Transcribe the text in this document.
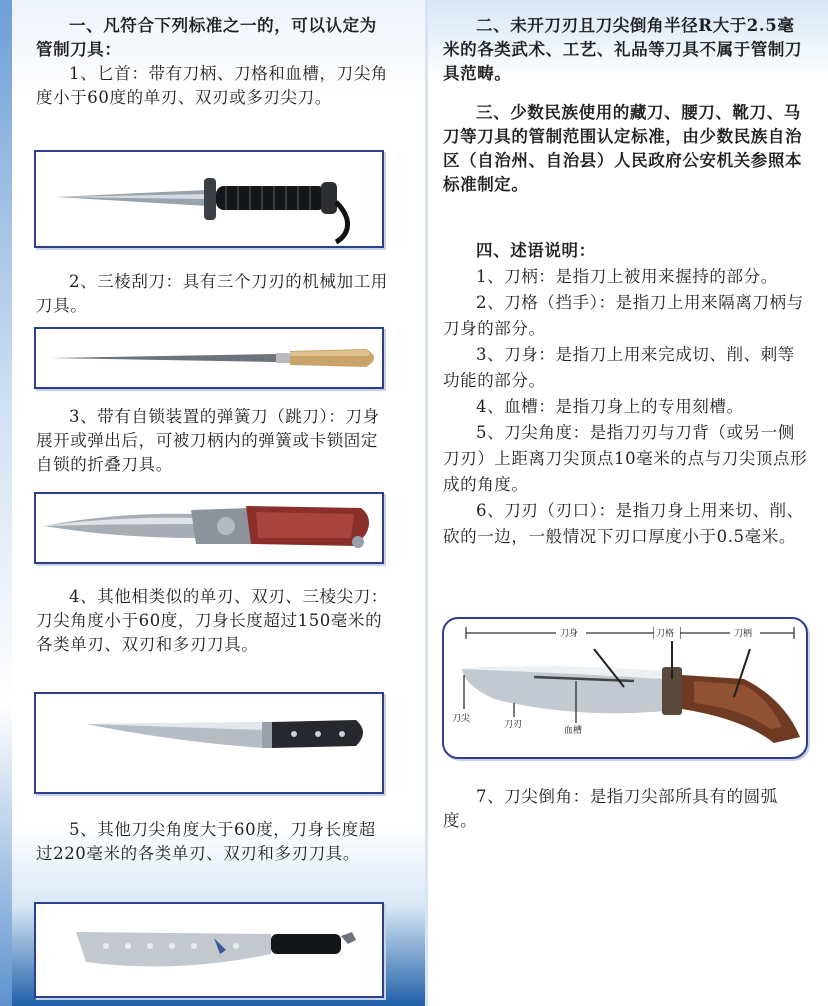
一、凡符合下列标准之一的，可以认定为管制刀具：

1、匕首：带有刀柄、刀格和血槽，刀尖角度小于60度的单刃、双刃或多刃尖刀。

2、三棱刮刀：具有三个刀刃的机械加工用刀具。

3、带有自锁装置的弹簧刀（跳刀）：刀身展开或弹出后，可被刀柄内的弹簧或卡锁固定自锁的折叠刀具。

4、其他相类似的单刃、双刃、三棱尖刀：刀尖角度小于60度，刀身长度超过150毫米的各类单刃、双刃和多刃刀具。

5、其他刀尖角度大于60度，刀身长度超过220毫米的各类单刃、双刃和多刃刀具。

二、未开刀刃且刀尖倒角半径R大于2.5毫米的各类武术、工艺、礼品等刀具不属于管制刀具范畴。

三、少数民族使用的藏刀、腰刀、靴刀、马刀等刀具的管制范围认定标准，由少数民族自治区（自治州、自治县）人民政府公安机关参照本标准制定。

四、述语说明：

1、刀柄：是指刀上被用来握持的部分。

2、刀格（挡手）：是指刀上用来隔离刀柄与刀身的部分。

3、刀身：是指刀上用来完成切、削、刺等功能的部分。

4、血槽：是指刀身上的专用刻槽。

5、刀尖角度：是指刀刃与刀背（或另一侧刀刃）上距离刀尖顶点10毫米的点与刀尖顶点形成的角度。

6、刀刃（刃口）：是指刀身上用来切、削、砍的一边，一般情况下刃口厚度小于0.5毫米。

刀身	刀格	刀柄
刀尖
刀刃
血槽

7、刀尖倒角：是指刀尖部所具有的圆弧度。
